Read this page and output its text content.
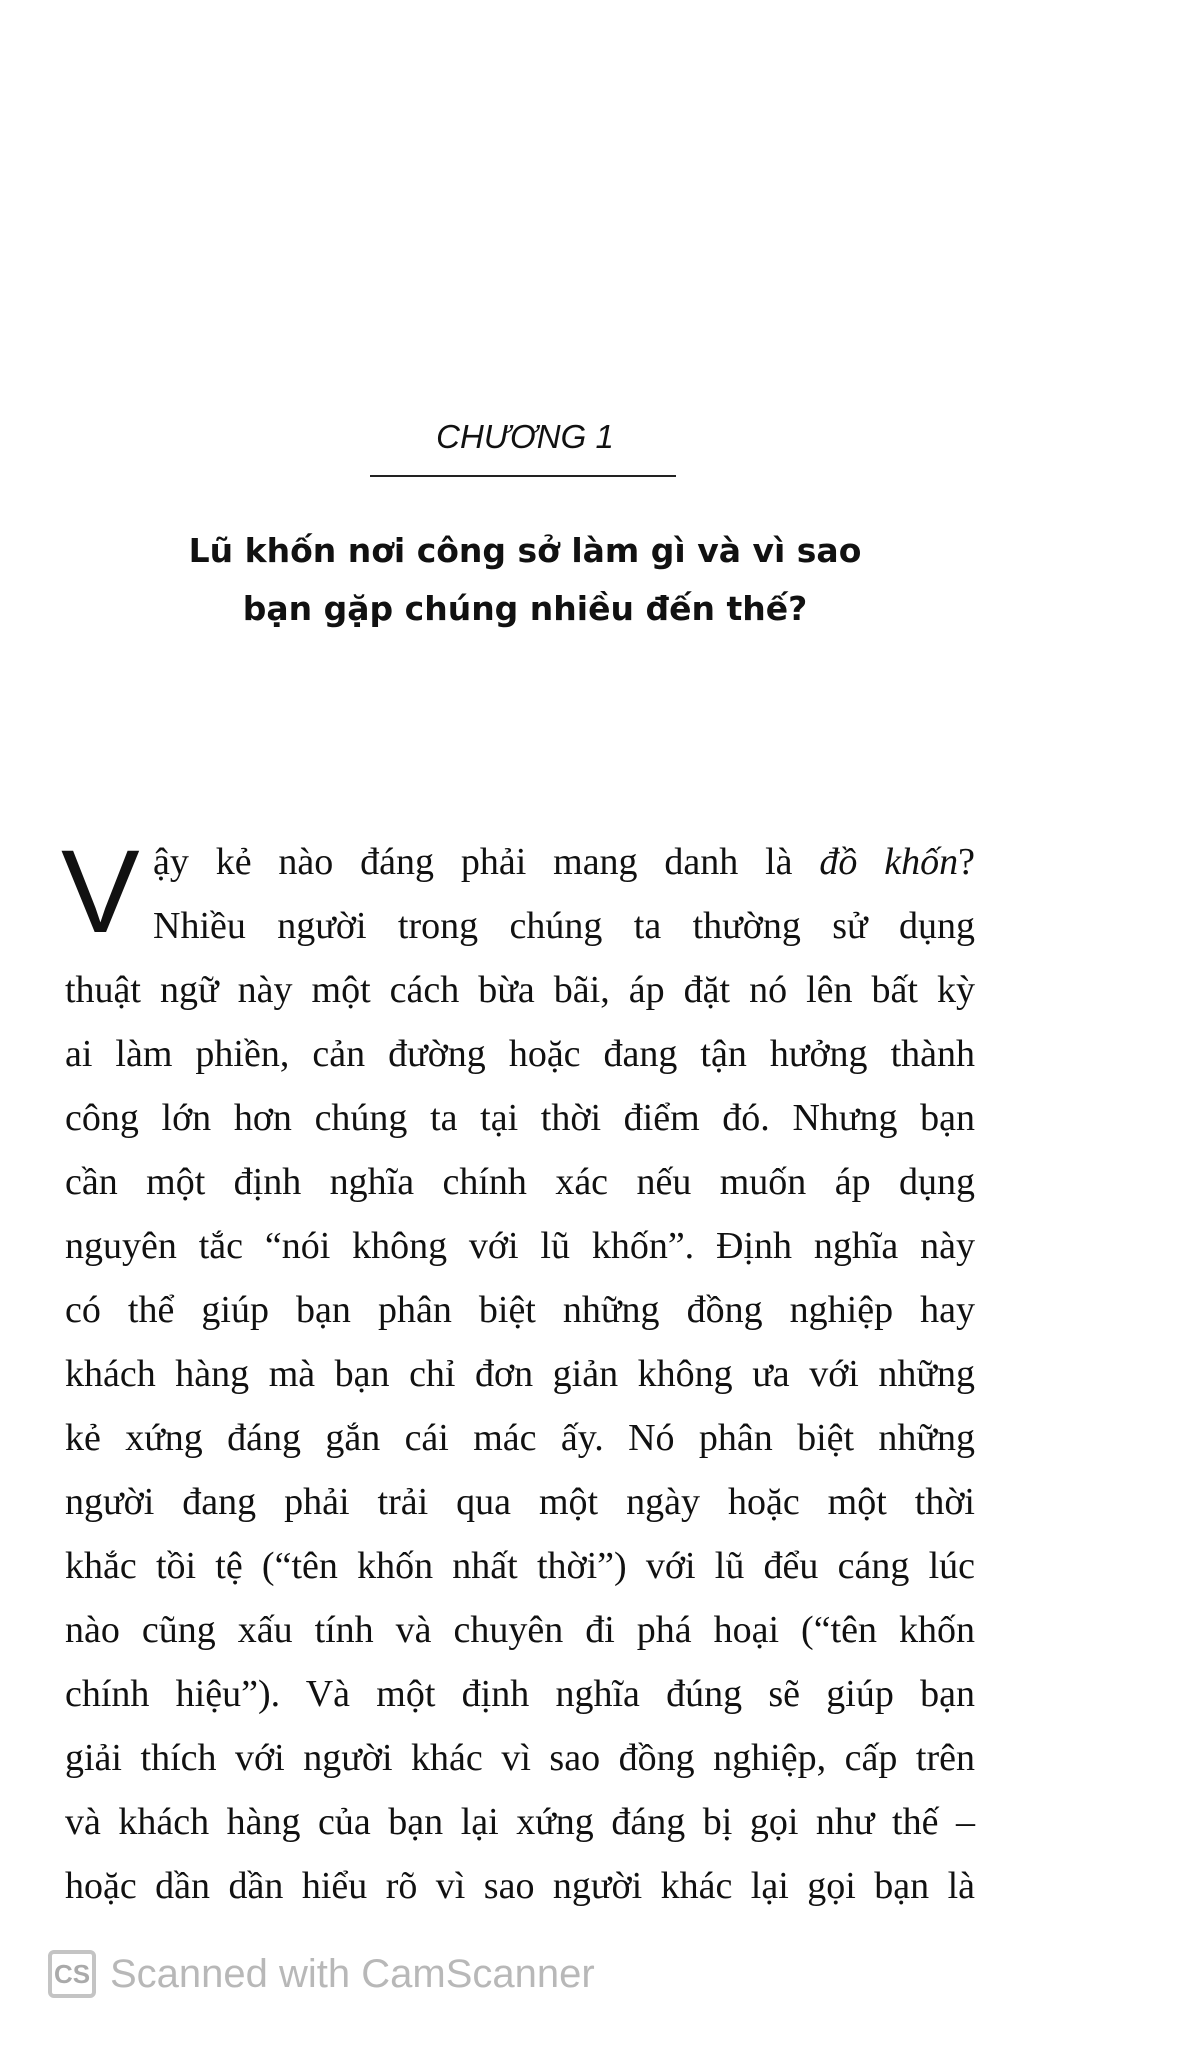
CHƯƠNG 1
Lũ khốn nơi công sở làm gì và vì sao
bạn gặp chúng nhiều đến thế?
V ậy kẻ nào đáng phải mang danh là đồ khốn?
Nhiều người trong chúng ta thường sử dụng
thuật ngữ này một cách bừa bãi, áp đặt nó lên bất kỳ
ai làm phiền, cản đường hoặc đang tận hưởng thành
công lớn hơn chúng ta tại thời điểm đó. Nhưng bạn
cần một định nghĩa chính xác nếu muốn áp dụng
nguyên tắc “nói không với lũ khốn”. Định nghĩa này
có thể giúp bạn phân biệt những đồng nghiệp hay
khách hàng mà bạn chỉ đơn giản không ưa với những
kẻ xứng đáng gắn cái mác ấy. Nó phân biệt những
người đang phải trải qua một ngày hoặc một thời
khắc tồi tệ (“tên khốn nhất thời”) với lũ đểu cáng lúc
nào cũng xấu tính và chuyên đi phá hoại (“tên khốn
chính hiệu”). Và một định nghĩa đúng sẽ giúp bạn
giải thích với người khác vì sao đồng nghiệp, cấp trên
và khách hàng của bạn lại xứng đáng bị gọi như thế –
hoặc dần dần hiểu rõ vì sao người khác lại gọi bạn là
CS Scanned with CamScanner
